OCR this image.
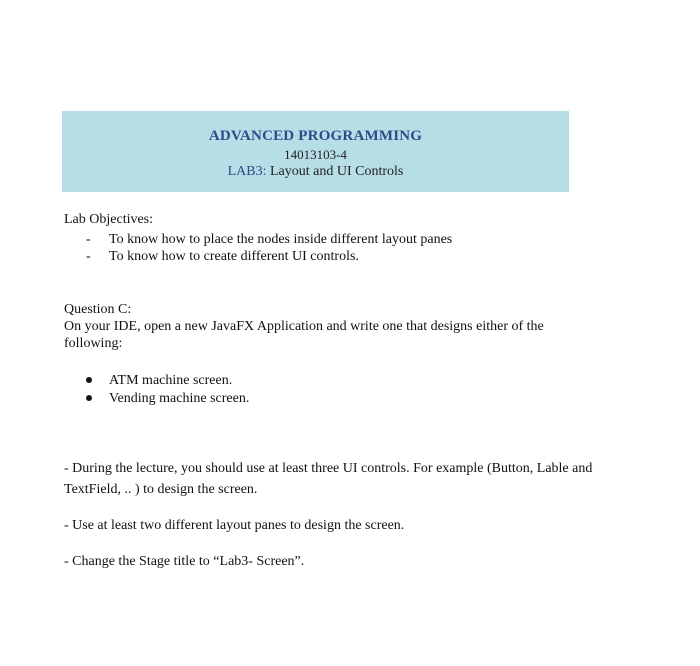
ADVANCED PROGRAMMING
14013103-4
LAB3: Layout and UI Controls
Lab Objectives:
- To know how to place the nodes inside different layout panes
- To know how to create different UI controls.
Question C:
On your IDE, open a new JavaFX Application and write one that designs either of the
following:
ATM machine screen.
Vending machine screen.
- During the lecture, you should use at least three UI controls. For example (Button, Lable and TextField, .. ) to design the screen.
- Use at least two different layout panes to design the screen.
- Change the Stage title to “Lab3- Screen”.
